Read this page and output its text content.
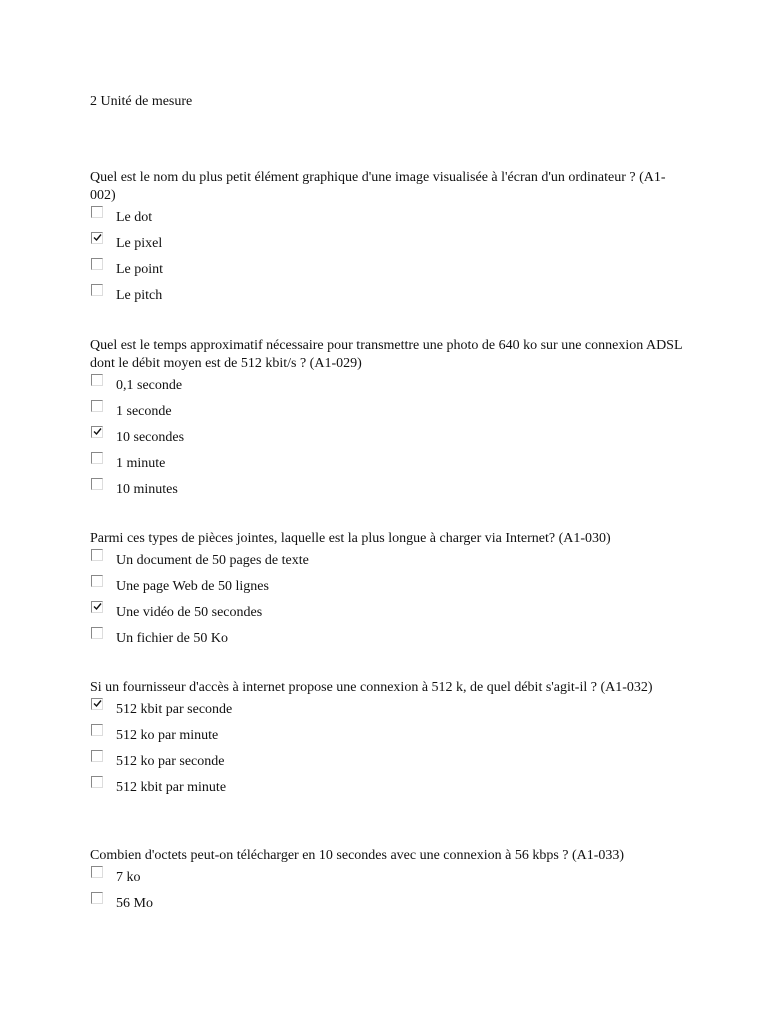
2 Unité de mesure

Quel est le nom du plus petit élément graphique d'une image visualisée à l'écran d'un ordinateur ? (A1-002)

Le dot
Le pixel
Le point
Le pitch

Quel est le temps approximatif nécessaire pour transmettre une photo de 640 ko sur une connexion ADSL dont le débit moyen est de 512 kbit/s ? (A1-029)

0,1 seconde
1 seconde
10 secondes
1 minute
10 minutes

Parmi ces types de pièces jointes, laquelle est la plus longue à charger via Internet? (A1-030)

Un document de 50 pages de texte
Une page Web de 50 lignes
Une vidéo de 50 secondes
Un fichier de 50 Ko

Si un fournisseur d'accès à internet propose une connexion à 512 k, de quel débit s'agit-il ? (A1-032)

512 kbit par seconde
512 ko par minute
512 ko par seconde
512 kbit par minute

Combien d'octets peut-on télécharger en 10 secondes avec une connexion à 56 kbps ? (A1-033)

7 ko
56 Mo
